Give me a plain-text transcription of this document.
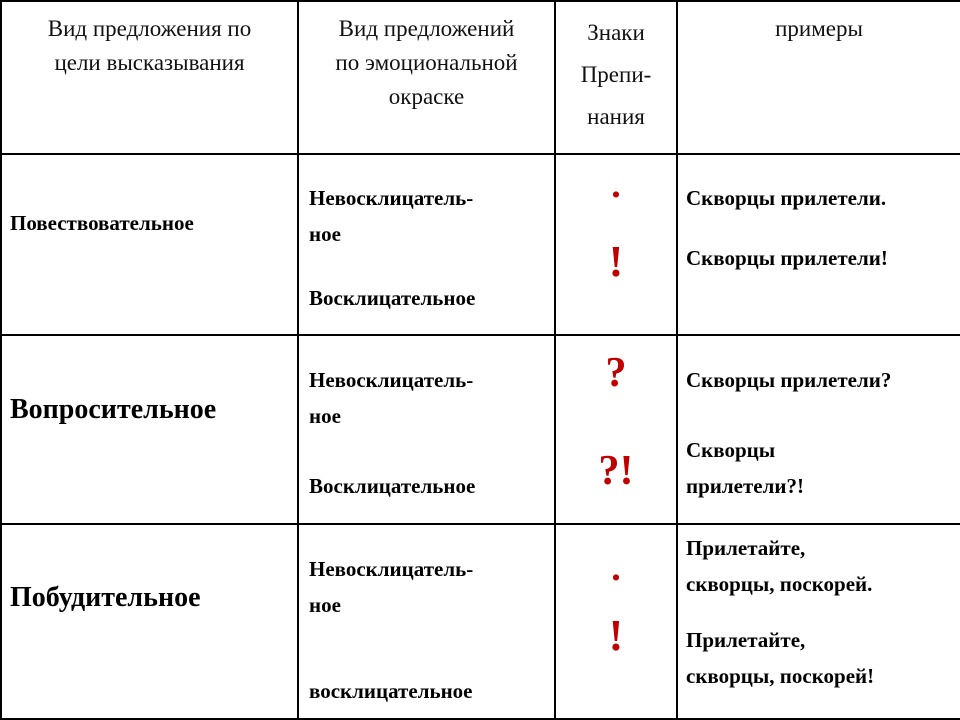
Вид предложения по
цели высказывания
Вид предложений
по эмоциональной
окраске
Знаки
Препи-
нания
примеры
Повествовательное
Невосклицатель-
ное
Восклицательное
.
!
Скворцы прилетели.
Скворцы прилетели!
Вопросительное
Невосклицатель-
ное
Восклицательное
?
?!
Скворцы прилетели?
Скворцы
прилетели?!
Побудительное
Невосклицатель-
ное
восклицательное
.
!
Прилетайте,
скворцы, поскорей.
Прилетайте,
скворцы, поскорей!
